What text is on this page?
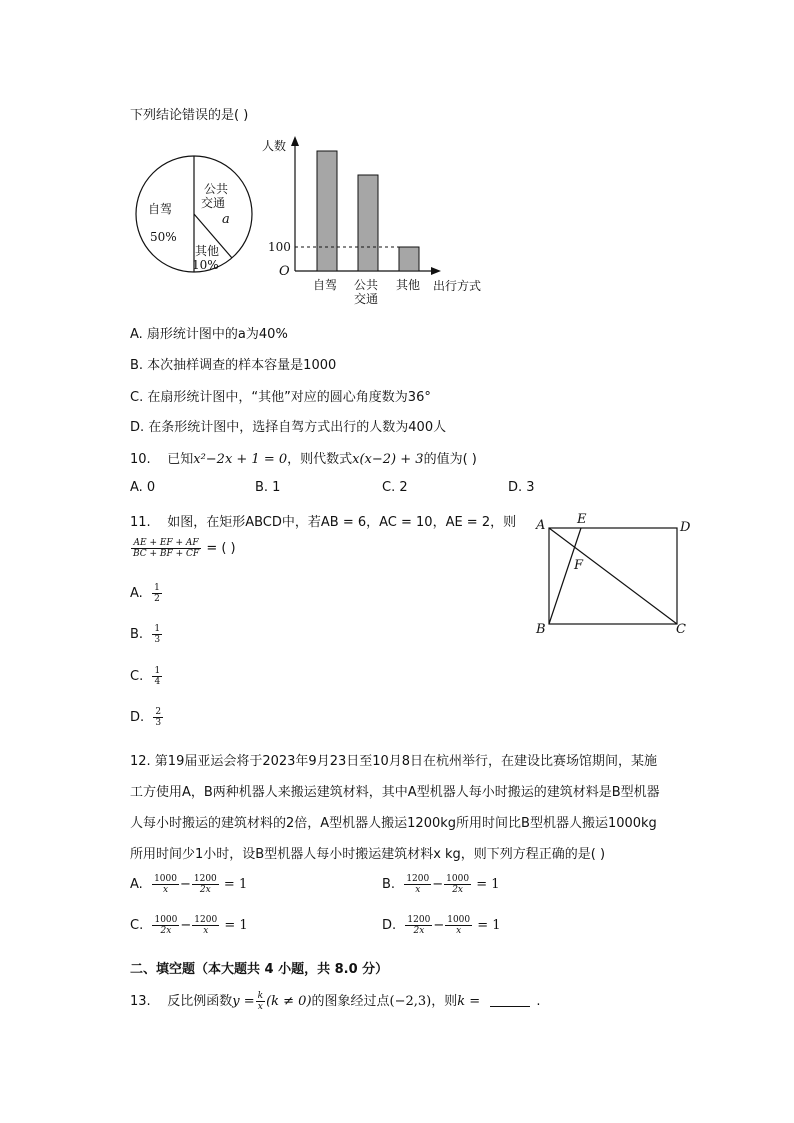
下列结论错误的是( )
自驾
50%
公共
交通
a
其他
10%
人数
O
100
出行方式
自驾 公共
交通
其他
A. 扇形统计图中的a为40%
B. 本次抽样调查的样本容量是1000
C. 在扇形统计图中，“其他”对应的圆心角度数为36°
D. 在条形统计图中，选择自驾方式出行的人数为400人
10. 已知x²−2x + 1 = 0，则代数式x(x−2) + 3的值为( )
A. 0	B. 1	C. 2	D. 3
11. 如图，在矩形ABCD中，若AB = 6，AC = 10，AE = 2，则
$\frac{AE + EF + AF}{BC + BF + CF}$ = ( )
A. $\frac{1}{2}$
B. $\frac{1}{3}$
C. $\frac{1}{4}$
D. $\frac{2}{3}$
A E
D
F
B	C
12. 第19届亚运会将于2023年9月23日至10月8日在杭州举行，在建设比赛场馆期间，某施
工方使用A，B两种机器人来搬运建筑材料，其中A型机器人每小时搬运的建筑材料是B型机器
人每小时搬运的建筑材料的2倍，A型机器人搬运1200kg所用时间比B型机器人搬运1000kg
所用时间少1小时，设B型机器人每小时搬运建筑材料x kg，则下列方程正确的是( )
A. $\frac{1000}{x} - \frac{1200}{2x} = 1$	B. $\frac{1200}{x} - \frac{1000}{2x} = 1$
C. $\frac{1000}{2x} - \frac{1200}{x} = 1$	D. $\frac{1200}{2x} - \frac{1000}{x} = 1$
二、填空题（本大题共 4 小题，共 8.0 分）
13. 反比例函数$y = \frac{k}{x} (k \ne 0)$的图象经过点(−2,3)，则k =	.
